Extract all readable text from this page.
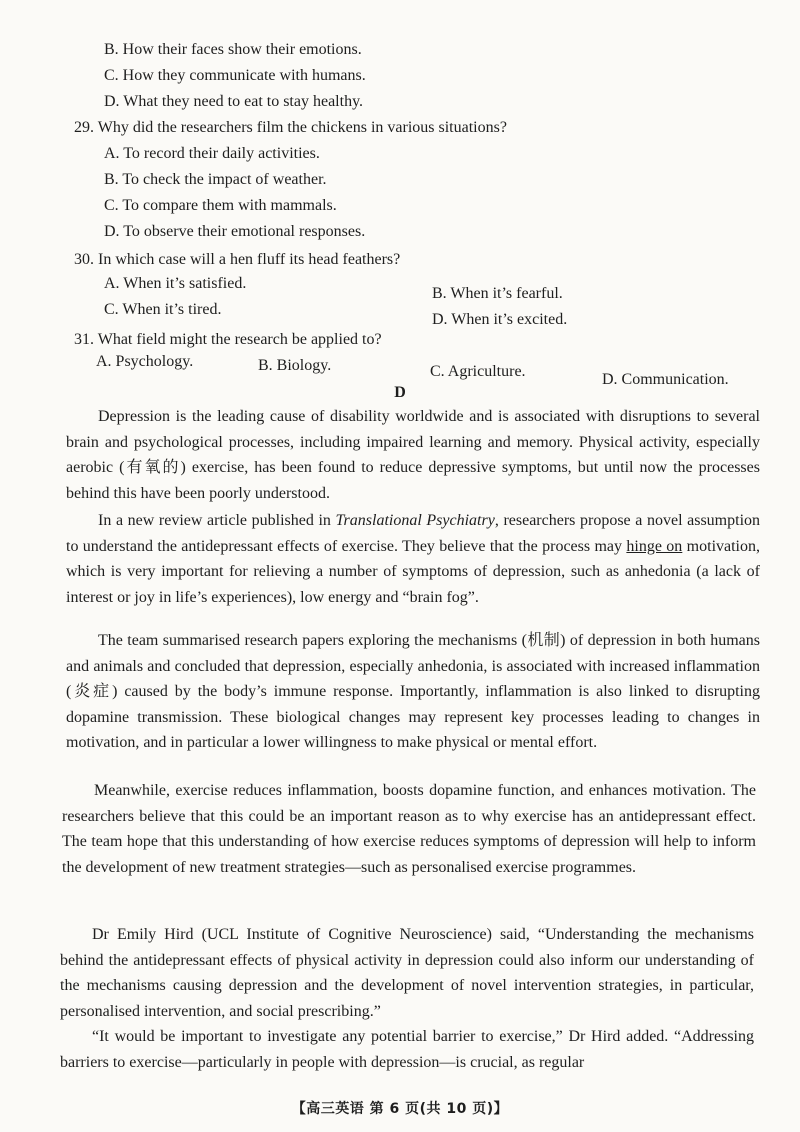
B. How their faces show their emotions.
C. How they communicate with humans.
D. What they need to eat to stay healthy.
29. Why did the researchers film the chickens in various situations?
A. To record their daily activities.
B. To check the impact of weather.
C. To compare them with mammals.
D. To observe their emotional responses.
30. In which case will a hen fluff its head feathers?
A. When it’s satisfied.
B. When it’s fearful.
C. When it’s tired.
D. When it’s excited.
31. What field might the research be applied to?
A. Psychology.	B. Biology.	C. Agriculture.	D. Communication.
D
Depression is the leading cause of disability worldwide and is associated with disruptions to several brain and psychological processes, including impaired learning and memory. Physical activity, especially aerobic (有氧的) exercise, has been found to reduce depressive symptoms, but until now the processes behind this have been poorly understood.
In a new review article published in Translational Psychiatry, researchers propose a novel assumption to understand the antidepressant effects of exercise. They believe that the process may hinge on motivation, which is very important for relieving a number of symptoms of depression, such as anhedonia (a lack of interest or joy in life’s experiences), low energy and “brain fog”.
The team summarised research papers exploring the mechanisms (机制) of depression in both humans and animals and concluded that depression, especially anhedonia, is associated with increased inflammation (炎症) caused by the body’s immune response. Importantly, inflammation is also linked to disrupting dopamine transmission. These biological changes may represent key processes leading to changes in motivation, and in particular a lower willingness to make physical or mental effort.
Meanwhile, exercise reduces inflammation, boosts dopamine function, and enhances motivation. The researchers believe that this could be an important reason as to why exercise has an antidepressant effect. The team hope that this understanding of how exercise reduces symptoms of depression will help to inform the development of new treatment strategies—such as personalised exercise programmes.
Dr Emily Hird (UCL Institute of Cognitive Neuroscience) said, “Understanding the mechanisms behind the antidepressant effects of physical activity in depression could also inform our understanding of the mechanisms causing depression and the development of novel intervention strategies, in particular, personalised intervention, and social prescribing.”
“It would be important to investigate any potential barrier to exercise,” Dr Hird added. “Addressing barriers to exercise—particularly in people with depression—is crucial, as regular
【高三英语 第 6 页(共 10 页)】
